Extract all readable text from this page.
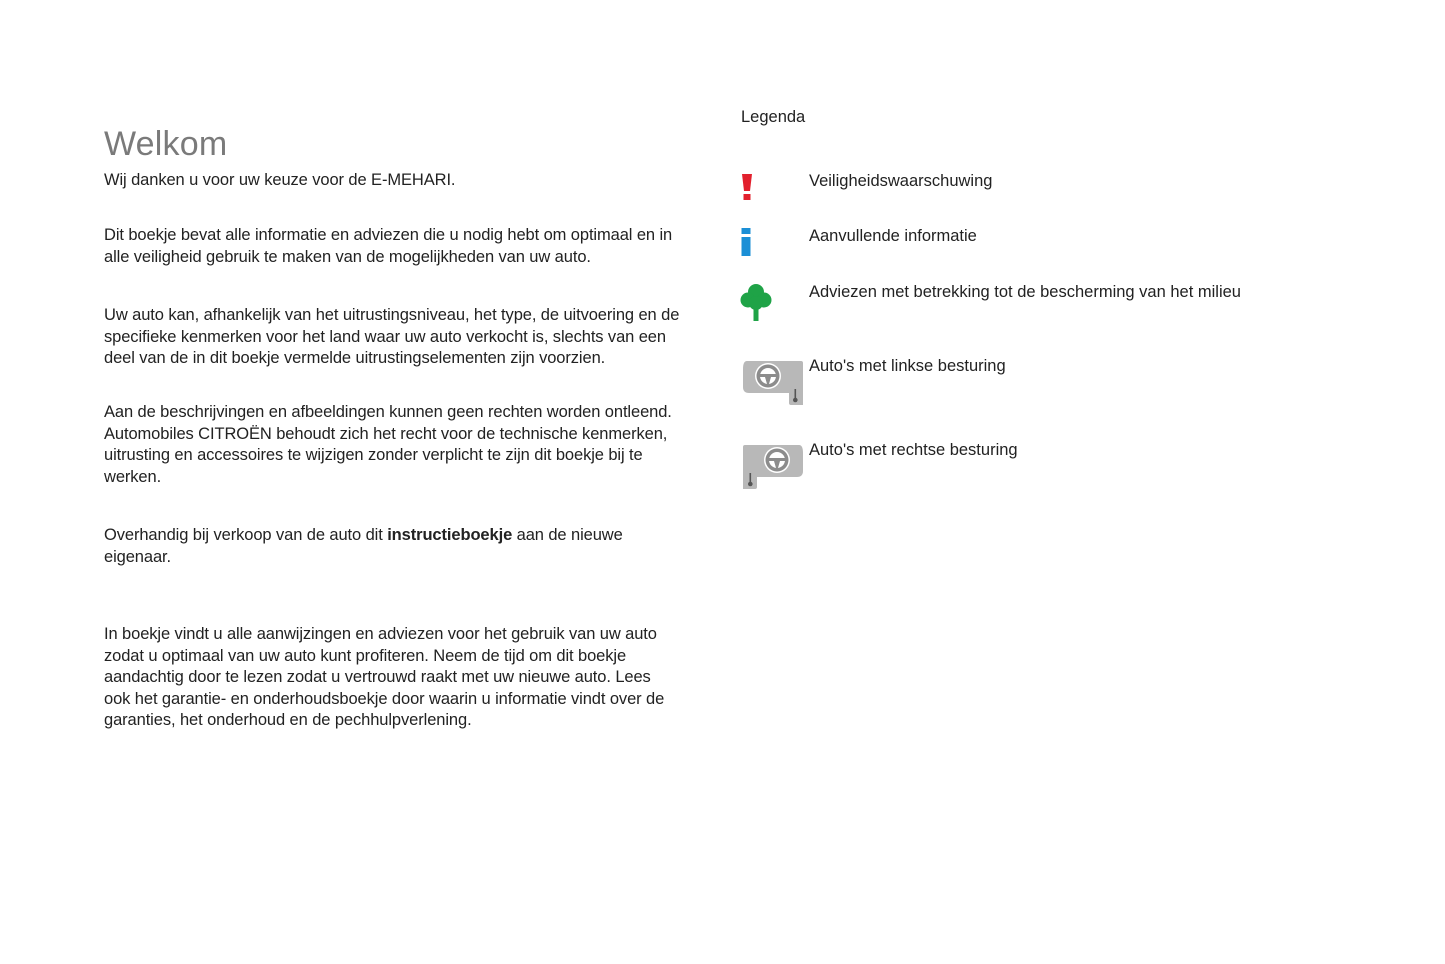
Welkom

Wij danken u voor uw keuze voor de E-MEHARI.

Dit boekje bevat alle informatie en adviezen die u nodig hebt om optimaal en in alle veiligheid gebruik te maken van de mogelijkheden van uw auto.

Uw auto kan, afhankelijk van het uitrustingsniveau, het type, de uitvoering en de specifieke kenmerken voor het land waar uw auto verkocht is, slechts van een deel van de in dit boekje vermelde uitrustingselementen zijn voorzien.

Aan de beschrijvingen en afbeeldingen kunnen geen rechten worden ontleend. Automobiles CITROËN behoudt zich het recht voor de technische kenmerken, uitrusting en accessoires te wijzigen zonder verplicht te zijn dit boekje bij te werken.

Overhandig bij verkoop van de auto dit instructieboekje aan de nieuwe eigenaar.

In boekje vindt u alle aanwijzingen en adviezen voor het gebruik van uw auto zodat u optimaal van uw auto kunt profiteren. Neem de tijd om dit boekje aandachtig door te lezen zodat u vertrouwd raakt met uw nieuwe auto. Lees ook het garantie- en onderhoudsboekje door waarin u informatie vindt over de garanties, het onderhoud en de pechhulpverlening.

Legenda
Veiligheidswaarschuwing
Aanvullende informatie
Adviezen met betrekking tot de bescherming van het milieu
Auto's met linkse besturing
Auto's met rechtse besturing
